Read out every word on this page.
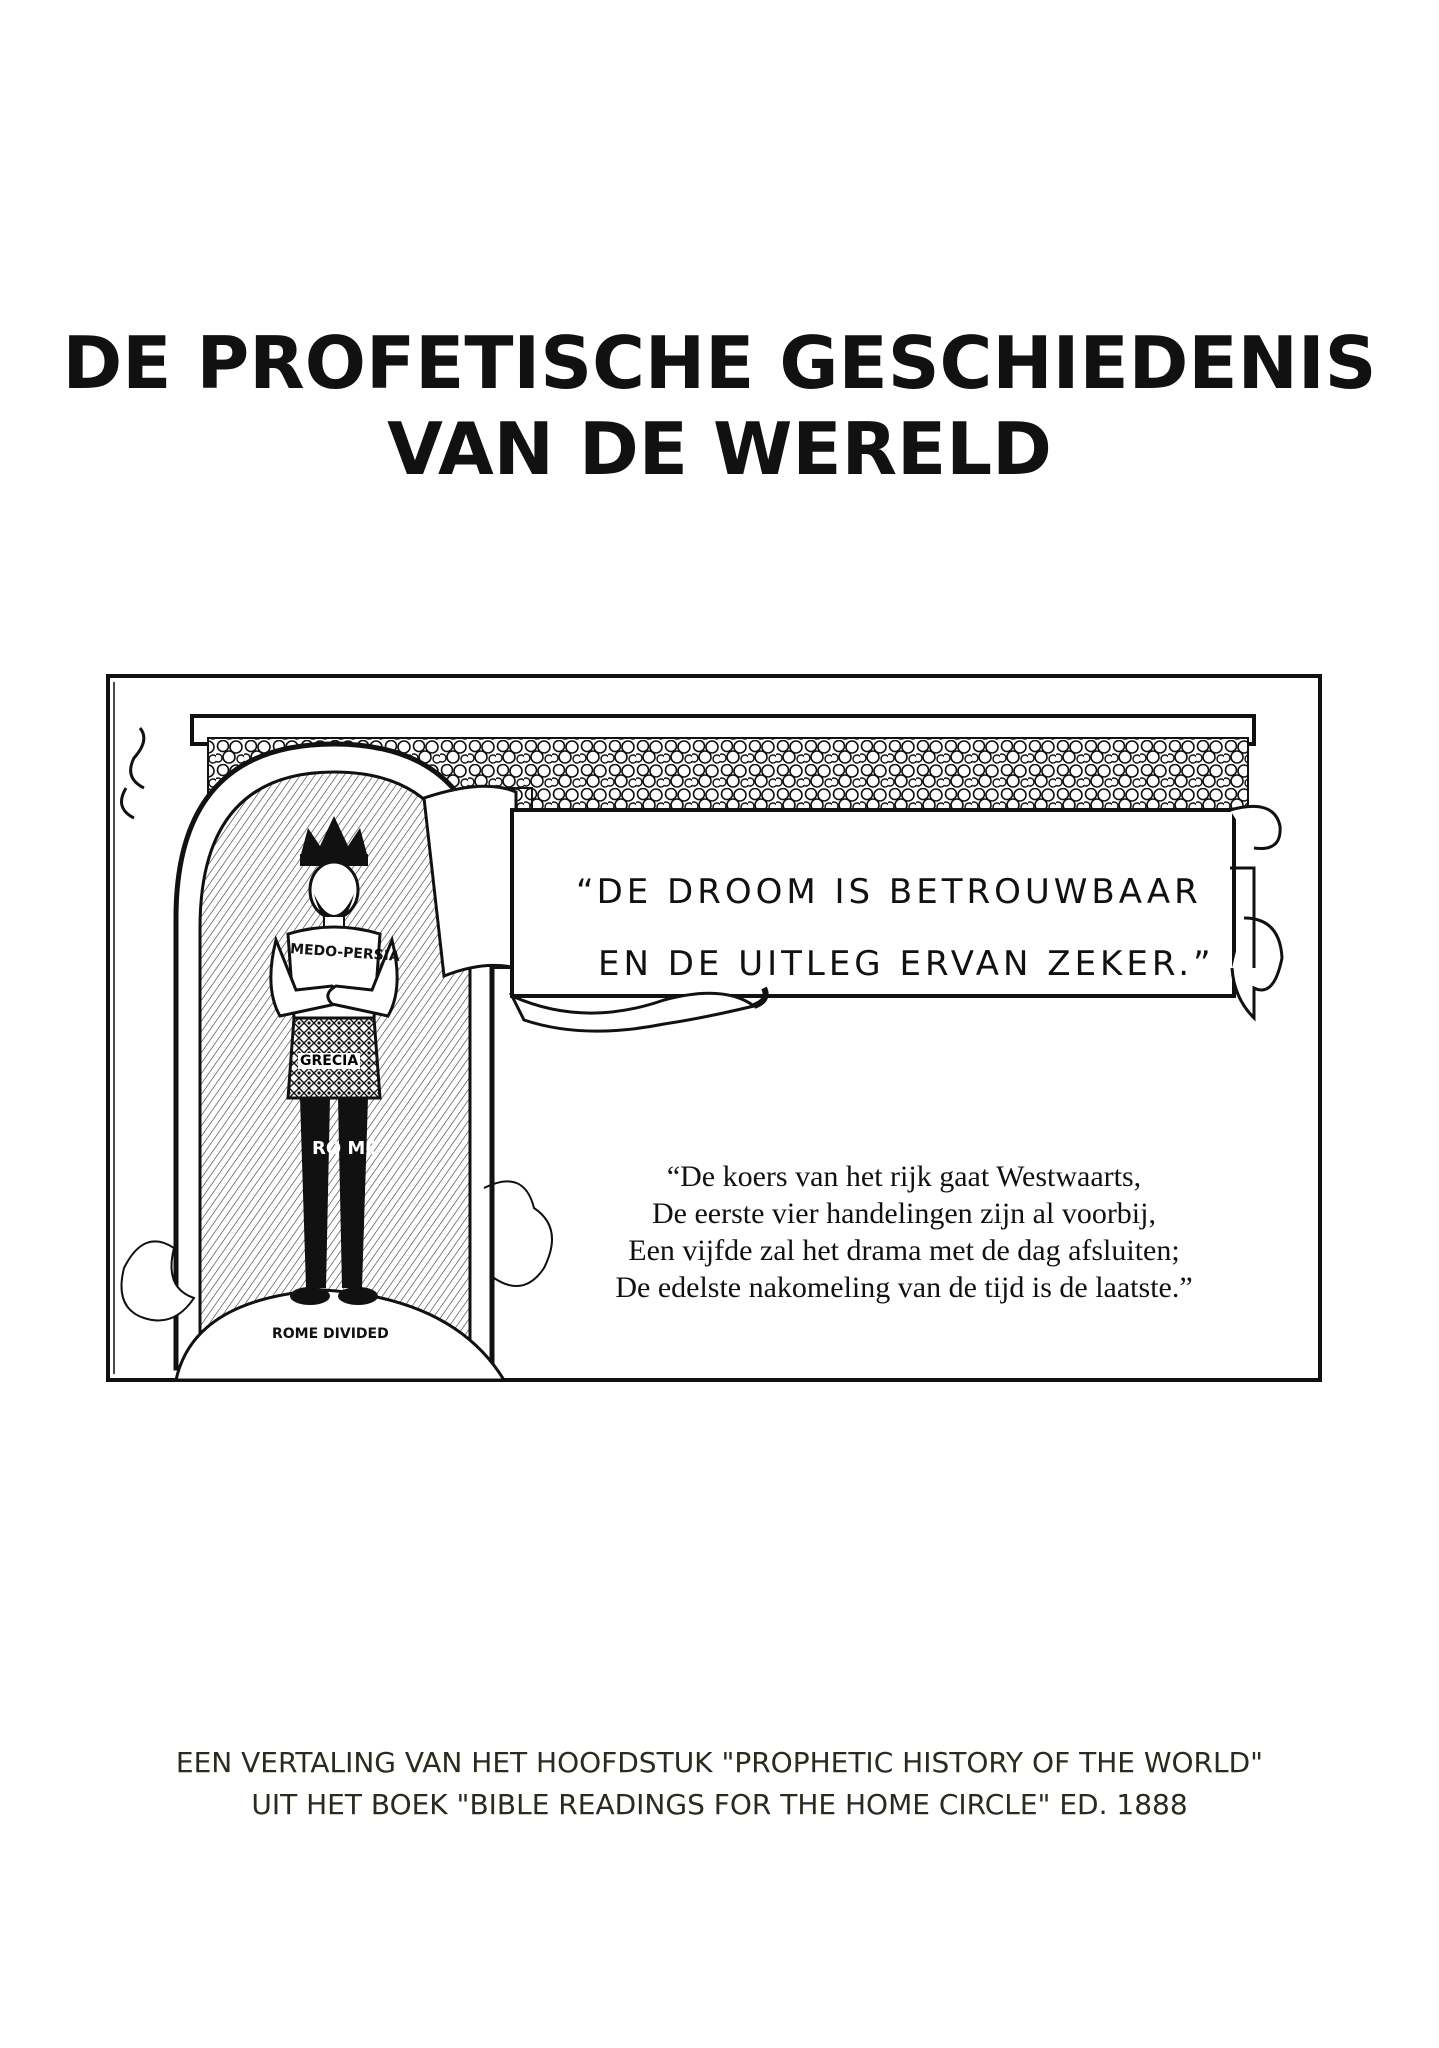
DE PROFETISCHE GESCHIEDENIS
VAN DE WERELD
“DE DROOM IS BETROUWBAAR
EN DE UITLEG ERVAN ZEKER.”
MEDO-PERSIA
GRECIA
RO ME
ROME DIVIDED
“De koers van het rijk gaat Westwaarts,
De eerste vier handelingen zijn al voorbij,
Een vijfde zal het drama met de dag afsluiten;
De edelste nakomeling van de tijd is de laatste.”
EEN VERTALING VAN HET HOOFDSTUK "PROPHETIC HISTORY OF THE WORLD"
UIT HET BOEK "BIBLE READINGS FOR THE HOME CIRCLE" ED. 1888
